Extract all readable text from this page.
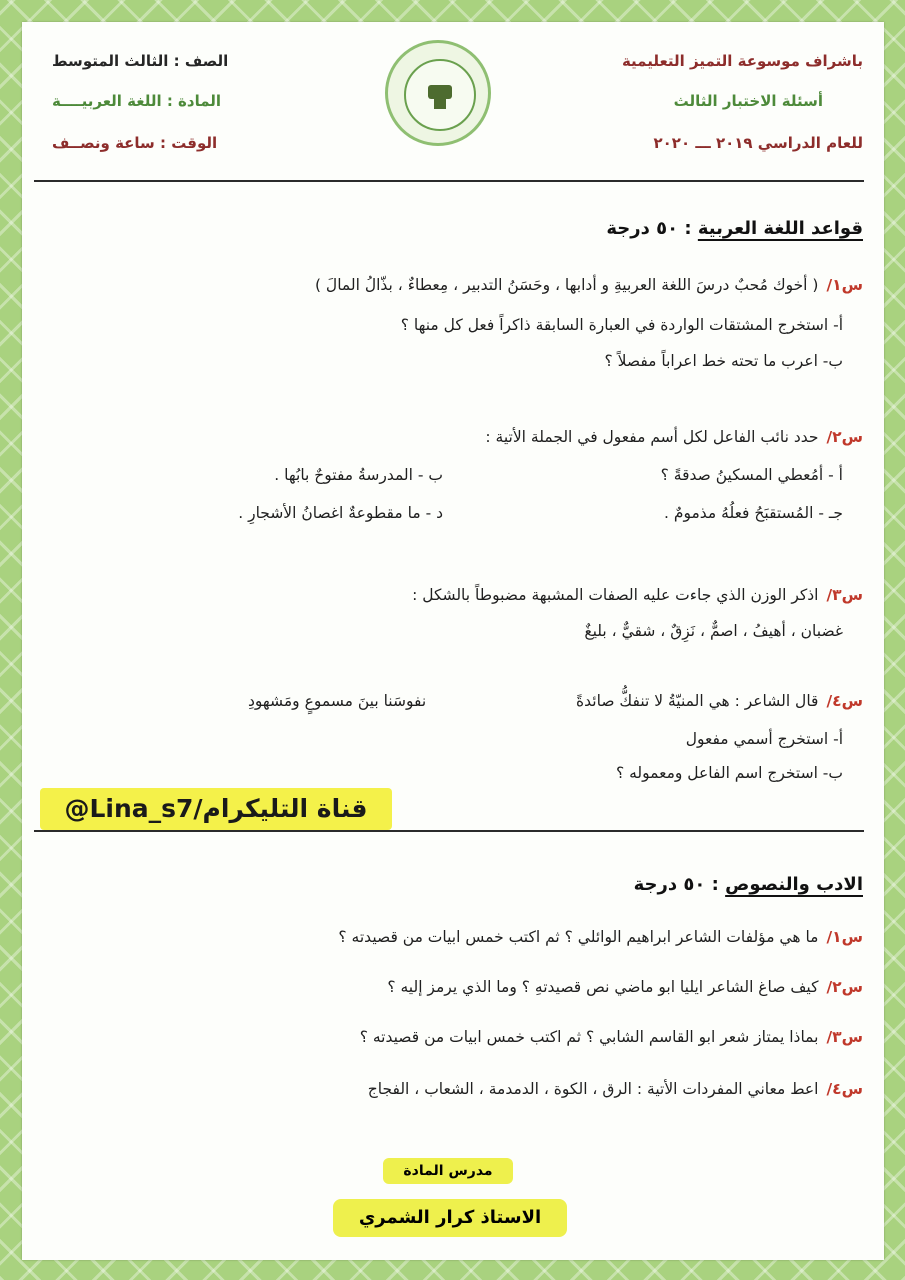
باشراف موسوعة التميز التعليمية
أسئلة الاختبار الثالث
للعام الدراسي ٢٠١٩ ـــ ٢٠٢٠
الصف : الثالث المتوسط
المادة : اللغة العربيــــة
الوقت : ساعة ونصــف
قواعد اللغة العربية : ٥٠ درجة
س١/( أخوك مُحبٌ درسَ اللغة العربيةِ و أدابها ، وحَسَنُ التدبير ، مِعطاءٌ ، بذّالُ المالَ )
أ- استخرج المشتقات الواردة في العبارة السابقة ذاكراً فعل كل منها ؟
ب- اعرب ما تحته خط اعراباً مفصلاً ؟
س٢/حدد نائب الفاعل لكل أسم مفعول في الجملة الأتية :
أ - أمُعطي المسكينُ صدقةً ؟
ب - المدرسةُ مفتوحٌ بابُها .
جـ - المُستقبَحُ فعلُهُ مذمومٌ .
د - ما مقطوعةٌ اغصانُ الأشجارِ .
س٣/اذكر الوزن الذي جاءت عليه الصفات المشبهة مضبوطاً بالشكل :
غضبان ، أهيفُ ، اصمٌّ ، نَزِقٌ ، شقيٌّ ، بليغٌ
س٤/قال الشاعر : هي المنيّةُ لا تنفكُّ صائدةً
نفوسَنا بينَ مسموعٍ ومَشهودِ
أ- استخرج أسمي مفعول
ب- استخرج اسم الفاعل ومعموله ؟
@Lina_s7/قناة التليكرام
الادب والنصوص : ٥٠ درجة
س١/ما هي مؤلفات الشاعر ابراهيم الوائلي ؟ ثم اكتب خمس ابيات من قصيدته ؟
س٢/كيف صاغ الشاعر ايليا ابو ماضي نص قصيدتهِ ؟ وما الذي يرمز إليه ؟
س٣/بماذا يمتاز شعر ابو القاسم الشابي ؟ ثم اكتب خمس ابيات من قصيدته ؟
س٤/اعط معاني المفردات الأتية : الرق ، الكوة ، الدمدمة ، الشعاب ، الفجاج
مدرس المادة
الاستاذ كرار الشمري
